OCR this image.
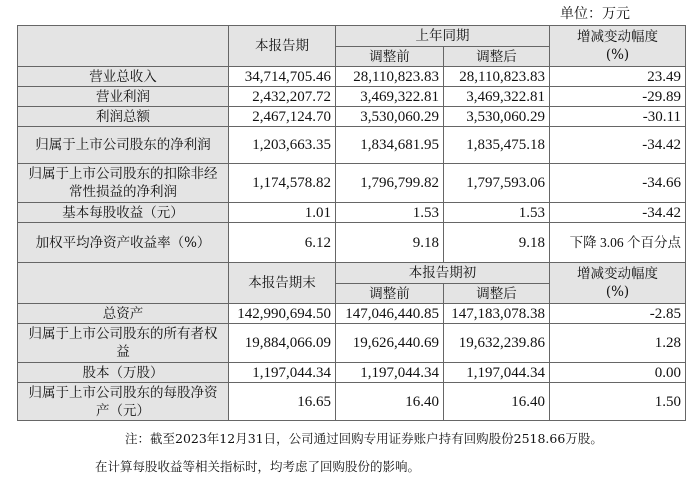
单位：万元
	本报告期	上年同期		增减变动幅度
(%)
		调整前	调整后	
营业总收入	34,714,705.46	28,110,823.83	28,110,823.83	23.49
营业利润	2,432,207.72	3,469,322.81	3,469,322.81	-29.89
利润总额	2,467,124.70	3,530,060.29	3,530,060.29	-30.11
归属于上市公司股东的净利润	1,203,663.35	1,834,681.95	1,835,475.18	-34.42
归属于上市公司股东的扣除非经常性损益的净利润	1,174,578.82	1,796,799.82	1,797,593.06	-34.66
基本每股收益（元）	1.01	1.53	1.53	-34.42
加权平均净资产收益率（%）	6.12	9.18	9.18	下降 3.06 个百分点
	本报告期末	本报告期初		增减变动幅度
(%)
		调整前	调整后	
总资产	142,990,694.50	147,046,440.85	147,183,078.38	-2.85
归属于上市公司股东的所有者权益	19,884,066.09	19,626,440.69	19,632,239.86	1.28
股本（万股）	1,197,044.34	1,197,044.34	1,197,044.34	0.00
归属于上市公司股东的每股净资产（元）	16.65	16.40	16.40	1.50
注：截至2023年12月31日，公司通过回购专用证券账户持有回购股份2518.66万股。
在计算每股收益等相关指标时，均考虑了回购股份的影响。
